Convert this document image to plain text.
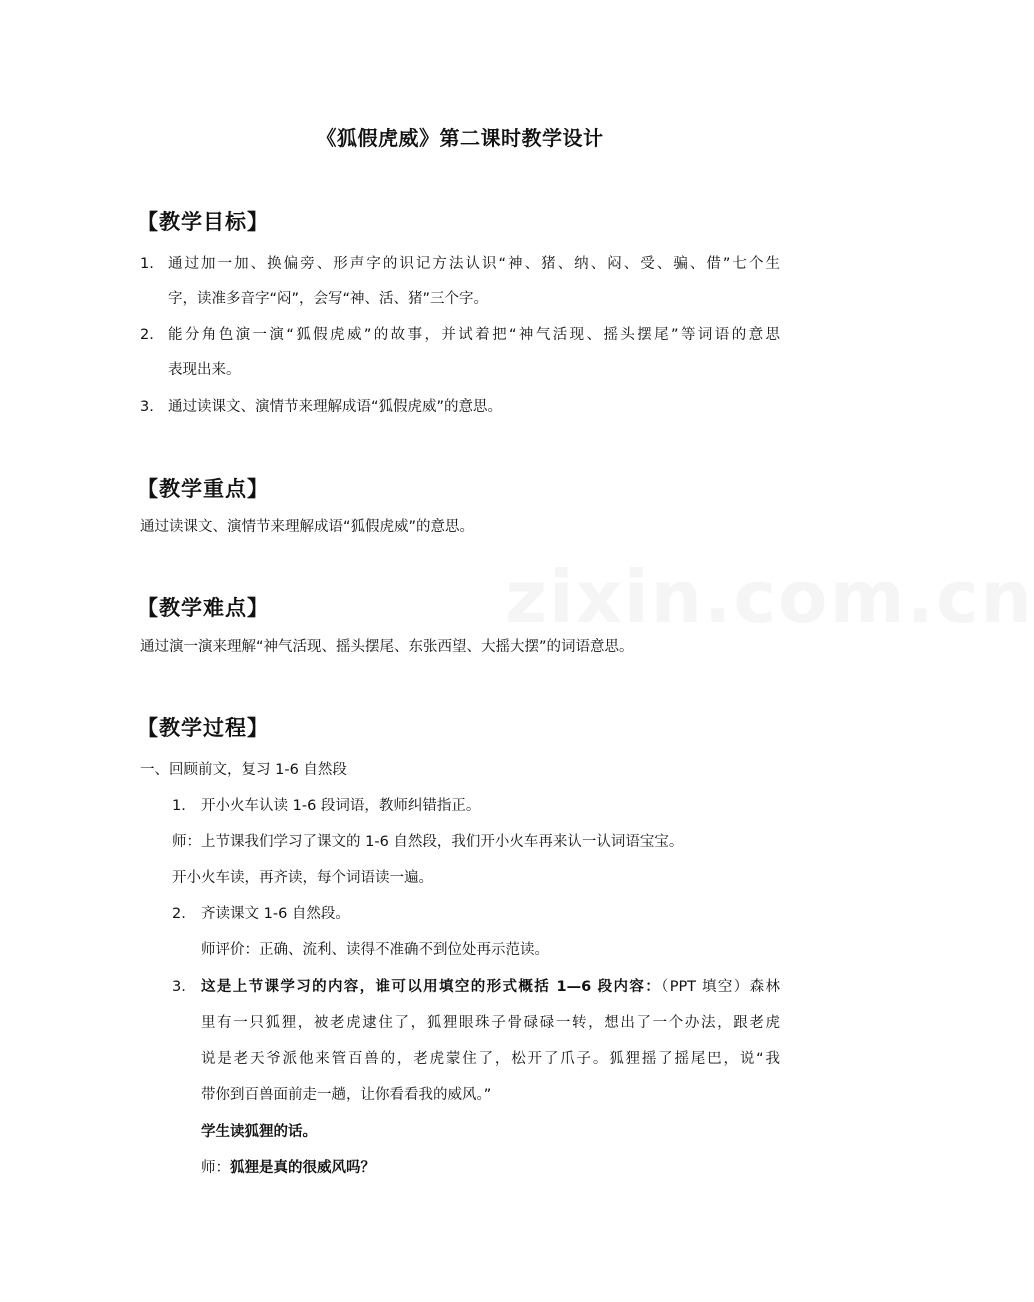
zixin.com.cn
《狐假虎威》第二课时教学设计
【教学目标】
1. 通过加一加、换偏旁、形声字的识记方法认识“神、猪、纳、闷、受、骗、借”七个生
字，读准多音字“闷”，会写“神、活、猪”三个字。
2. 能分角色演一演“狐假虎威”的故事，并试着把“神气活现、摇头摆尾”等词语的意思
表现出来。
3. 通过读课文、演情节来理解成语“狐假虎威”的意思。
【教学重点】
通过读课文、演情节来理解成语“狐假虎威”的意思。
【教学难点】
通过演一演来理解“神气活现、摇头摆尾、东张西望、大摇大摆”的词语意思。
【教学过程】
一、回顾前文，复习 1-6 自然段
1. 开小火车认读 1-6 段词语，教师纠错指正。
师：上节课我们学习了课文的 1-6 自然段，我们开小火车再来认一认词语宝宝。
开小火车读，再齐读，每个词语读一遍。
2. 齐读课文 1-6 自然段。
师评价：正确、流利、读得不准确不到位处再示范读。
3. 这是上节课学习的内容，谁可以用填空的形式概括 1—6 段内容：（PPT 填空）森林
里有一只狐狸，被老虎逮住了，狐狸眼珠子骨碌碌一转，想出了一个办法，跟老虎
说是老天爷派他来管百兽的，老虎蒙住了，松开了爪子。狐狸摇了摇尾巴，说“我
带你到百兽面前走一趟，让你看看我的威风。”
学生读狐狸的话。
师：狐狸是真的很威风吗？
